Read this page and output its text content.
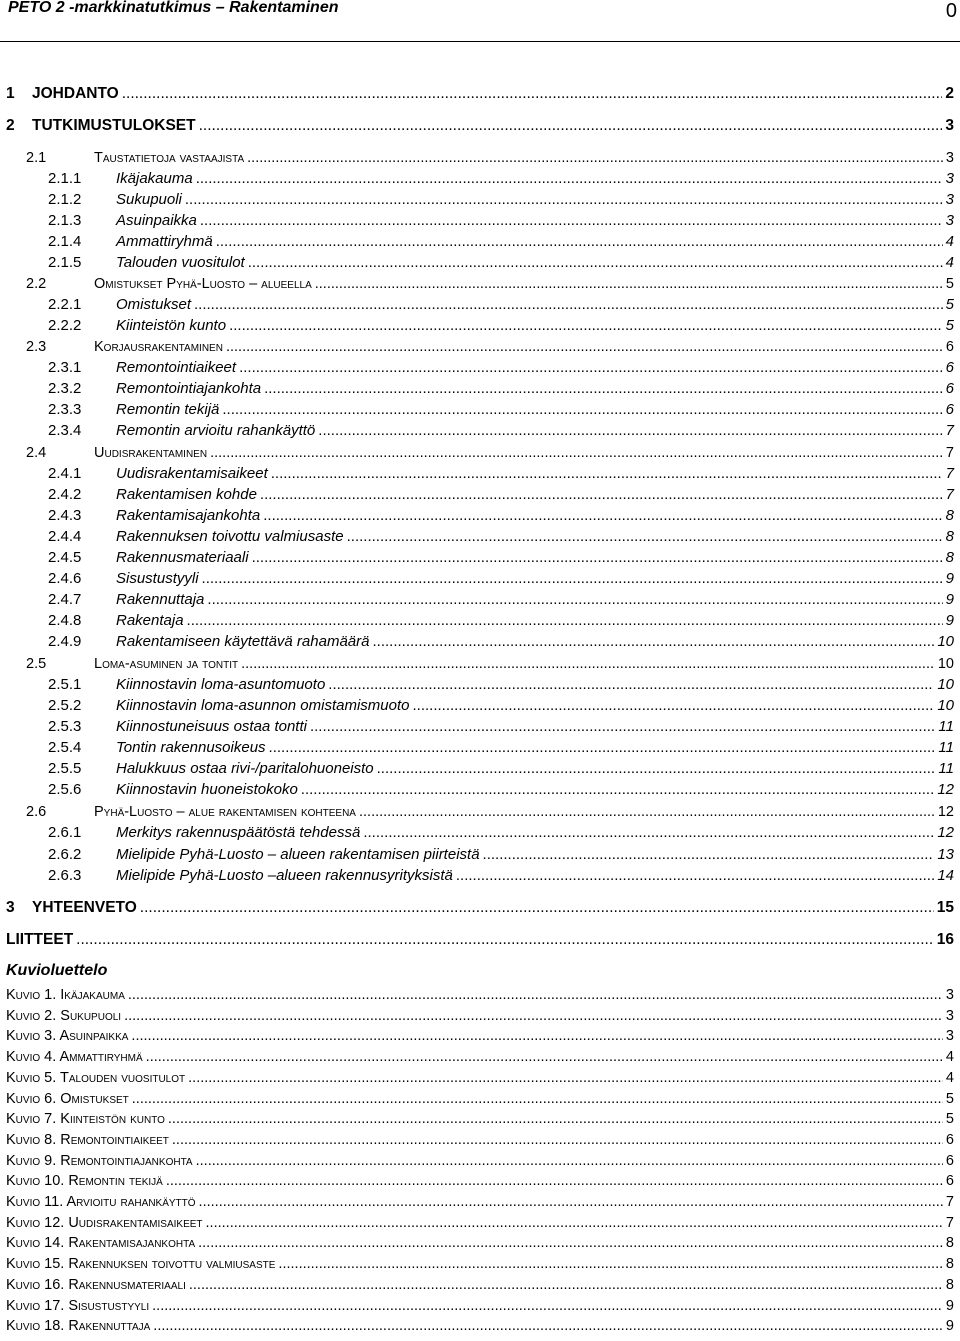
PETO 2 -markkinatutkimus – Rakentaminen	0
1	JOHDANTO .....	2
2	TUTKIMUSTULOKSET .....	3
2.1	Taustatietoja vastaajista .....	3
2.1.1	Ikäjakauma .....	3
2.1.2	Sukupuoli .....	3
2.1.3	Asuinpaikka .....	3
2.1.4	Ammattiryhmä .....	4
2.1.5	Talouden vuositulot .....	4
2.2	Omistukset Pyhä-Luosto – alueella .....	5
2.2.1	Omistukset .....	5
2.2.2	Kiinteistön kunto .....	5
2.3	Korjausrakentaminen .....	6
2.3.1	Remontointiaikeet .....	6
2.3.2	Remontointiajankohta .....	6
2.3.3	Remontin tekijä .....	6
2.3.4	Remontin arvioitu rahankäyttö .....	7
2.4	Uudisrakentaminen .....	7
2.4.1	Uudisrakentamisaikeet .....	7
2.4.2	Rakentamisen kohde .....	7
2.4.3	Rakentamisajankohta .....	8
2.4.4	Rakennuksen toivottu valmiusaste .....	8
2.4.5	Rakennusmateriaali .....	8
2.4.6	Sisustustyyli .....	9
2.4.7	Rakennuttaja .....	9
2.4.8	Rakentaja .....	9
2.4.9	Rakentamiseen käytettävä rahamäärä .....	10
2.5	Loma-asuminen ja tontit .....	10
2.5.1	Kiinnostavin loma-asuntomuoto .....	10
2.5.2	Kiinnostavin loma-asunnon omistamismuoto .....	10
2.5.3	Kiinnostuneisuus ostaa tontti .....	11
2.5.4	Tontin rakennusoikeus .....	11
2.5.5	Halukkuus ostaa rivi-/paritalohuoneisto .....	11
2.5.6	Kiinnostavin huoneistokoko .....	12
2.6	Pyhä-Luosto – alue rakentamisen kohteena .....	12
2.6.1	Merkitys rakennuspäätöstä tehdessä .....	12
2.6.2	Mielipide Pyhä-Luosto – alueen rakentamisen piirteistä .....	13
2.6.3	Mielipide Pyhä-Luosto –alueen rakennusyrityksistä .....	14
3	YHTEENVETO .....	15
LIITTEET .....	16
Kuvioluettelo
Kuvio 1. Ikäjakauma .....	3
Kuvio 2. Sukupuoli .....	3
Kuvio 3. Asuinpaikka .....	3
Kuvio 4. Ammattiryhmä .....	4
Kuvio 5. Talouden vuositulot .....	4
Kuvio 6. Omistukset .....	5
Kuvio 7. Kiinteistön kunto .....	5
Kuvio 8. Remontointiaikeet .....	6
Kuvio 9. Remontointiajankohta .....	6
Kuvio 10. Remontin tekijä .....	6
Kuvio 11. Arvioitu rahankäyttö .....	7
Kuvio 12. Uudisrakentamisaikeet .....	7
Kuvio 14. Rakentamisajankohta .....	8
Kuvio 15. Rakennuksen toivottu valmiusaste .....	8
Kuvio 16. Rakennusmateriaali .....	8
Kuvio 17. Sisustustyyli .....	9
Kuvio 18. Rakennuttaja .....	9
